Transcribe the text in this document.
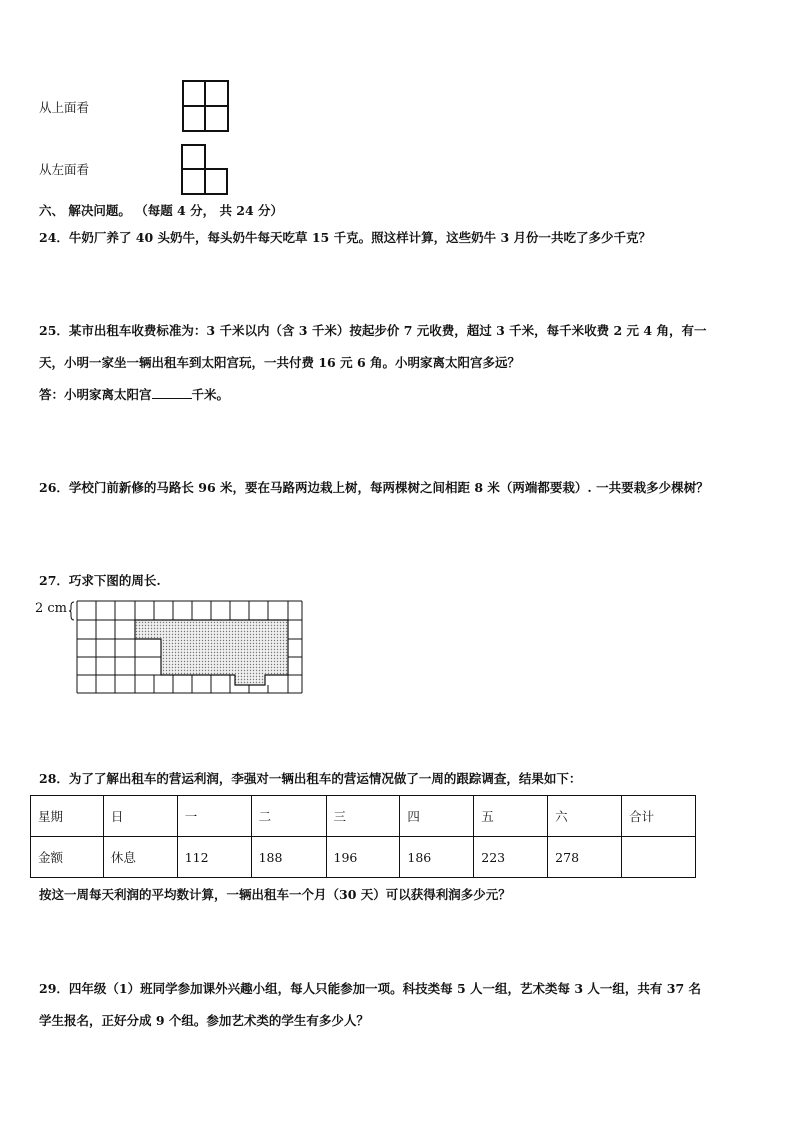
从上面看
从左面看
六、 解决问题。 （每题 4 分， 共 24 分）
24．牛奶厂养了 40 头奶牛，每头奶牛每天吃草 15 千克。照这样计算，这些奶牛 3 月份一共吃了多少千克？
25．某市出租车收费标准为：3 千米以内（含 3 千米）按起步价 7 元收费，超过 3 千米，每千米收费 2 元 4 角，有一
天，小明一家坐一辆出租车到太阳宫玩，一共付费 16 元 6 角。小明家离太阳宫多远？
答：小明家离太阳宫	千米。
26．学校门前新修的马路长 96 米，要在马路两边栽上树，每两棵树之间相距 8 米（两端都要栽）. 一共要栽多少棵树？
27．巧求下图的周长.
2 cm
28．为了了解出租车的营运利润，李强对一辆出租车的营运情况做了一周的跟踪调查，结果如下：
星期	日	一	二	三	四	五	六	合计
金额	休息	112	188	196	186	223	278	
按这一周每天利润的平均数计算，一辆出租车一个月（30 天）可以获得利润多少元？
29．四年级（1）班同学参加课外兴趣小组，每人只能参加一项。科技类每 5 人一组，艺术类每 3 人一组，共有 37 名
学生报名，正好分成 9 个组。参加艺术类的学生有多少人？
